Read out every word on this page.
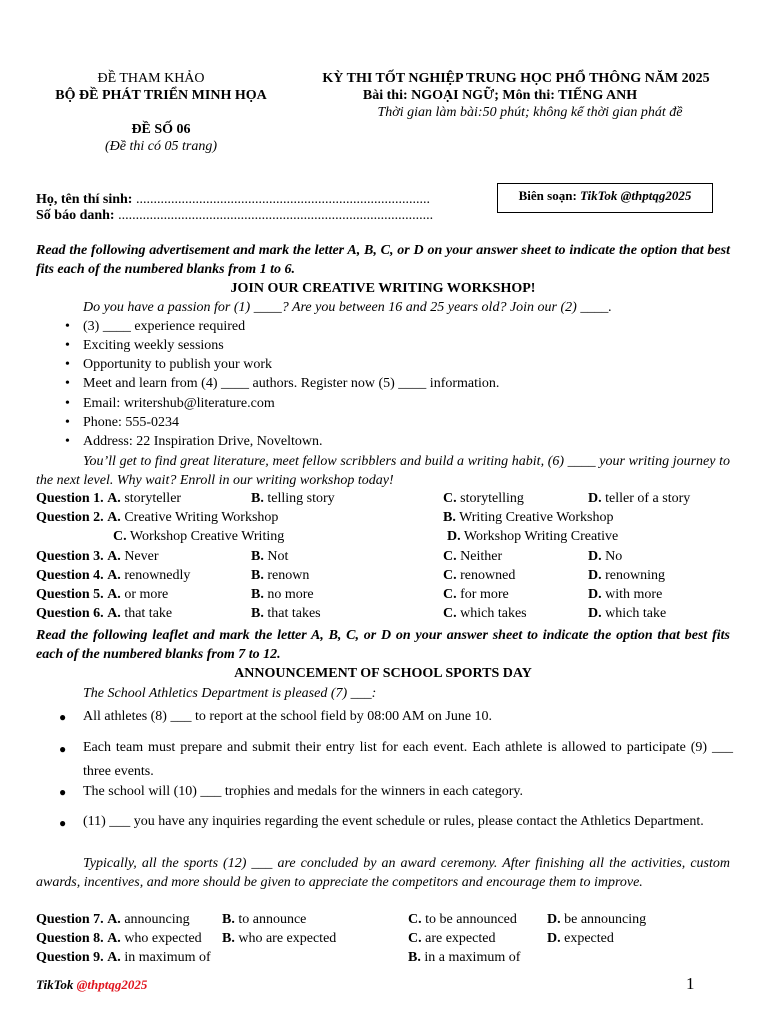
ĐỀ THAM KHẢO
BỘ ĐỀ PHÁT TRIỂN MINH HỌA
ĐỀ SỐ 06
(Đề thi có 05 trang)
KỲ THI TỐT NGHIỆP TRUNG HỌC PHỔ THÔNG NĂM 2025
Bài thi: NGOẠI NGỮ; Môn thi: TIẾNG ANH
Thời gian làm bài:50 phút; không kể thời gian phát đề
Họ, tên thí sinh: ....................................................................................
Số báo danh: ..........................................................................................
Biên soạn: TikTok @thptqg2025
Read the following advertisement and mark the letter A, B, C, or D on your answer sheet to indicate the option that best fits each of the numbered blanks from 1 to 6.
JOIN OUR CREATIVE WRITING WORKSHOP!
Do you have a passion for (1) ____? Are you between 16 and 25 years old? Join our (2) ____.
• (3) ____ experience required
• Exciting weekly sessions
• Opportunity to publish your work
• Meet and learn from (4) ____ authors. Register now (5) ____ information.
• Email: writershub@literature.com
• Phone: 555-0234
• Address: 22 Inspiration Drive, Noveltown.
You’ll get to find great literature, meet fellow scribblers and build a writing habit, (6) ____ your writing journey to the next level. Why wait? Enroll in our writing workshop today!
Question 1. A. storyteller	B. telling story	C. storytelling	D. teller of a story
Question 2. A. Creative Writing Workshop	B. Writing Creative Workshop
C. Workshop Creative Writing	D. Workshop Writing Creative
Question 3. A. Never	B. Not	C. Neither	D. No
Question 4. A. renownedly	B. renown	C. renowned	D. renowning
Question 5. A. or more	B. no more	C. for more	D. with more
Question 6. A. that take	B. that takes	C. which takes	D. which take
Read the following leaflet and mark the letter A, B, C, or D on your answer sheet to indicate the option that best fits each of the numbered blanks from 7 to 12.
ANNOUNCEMENT OF SCHOOL SPORTS DAY
The School Athletics Department is pleased (7) ___:
● All athletes (8) ___ to report at the school field by 08:00 AM on June 10.
● Each team must prepare and submit their entry list for each event. Each athlete is allowed to participate (9) ___ three events.
● The school will (10) ___ trophies and medals for the winners in each category.
● (11) ___ you have any inquiries regarding the event schedule or rules, please contact the Athletics Department.
Typically, all the sports (12) ___ are concluded by an award ceremony. After finishing all the activities, custom awards, incentives, and more should be given to appreciate the competitors and encourage them to improve.
Question 7. A. announcing B. to announce	C. to be announced D. be announcing
Question 8. A. who expected B. who are expected	C. are expected	D. expected
Question 9. A. in maximum of	B. in a maximum of
TikTok @thptqg2025	1
